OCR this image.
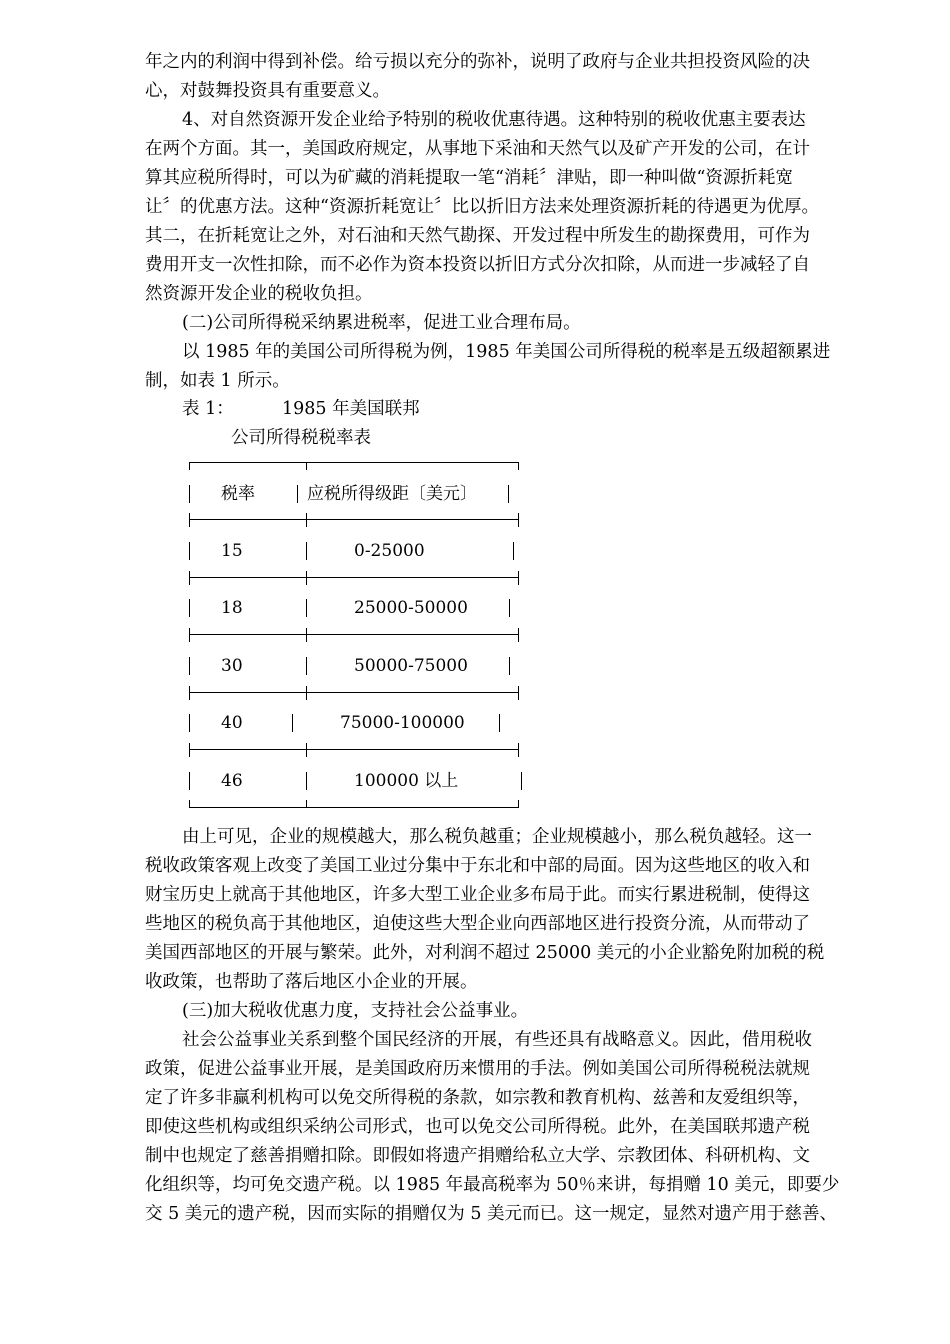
年之内的利润中得到补偿。给亏损以充分的弥补，说明了政府与企业共担投资风险的决
心，对鼓舞投资具有重要意义。
4、对自然资源开发企业给予特别的税收优惠待遇。这种特别的税收优惠主要表达
在两个方面。其一，美国政府规定，从事地下采油和天然气以及矿产开发的公司，在计
算其应税所得时，可以为矿藏的消耗提取一笔“消耗〞津贴，即一种叫做“资源折耗宽
让〞的优惠方法。这种“资源折耗宽让〞比以折旧方法来处理资源折耗的待遇更为优厚。
其二，在折耗宽让之外，对石油和天然气勘探、开发过程中所发生的勘探费用，可作为
费用开支一次性扣除，而不必作为资本投资以折旧方式分次扣除，从而进一步减轻了自
然资源开发企业的税收负担。
(二)公司所得税采纳累进税率，促进工业合理布局。
以 1985 年的美国公司所得税为例，1985 年美国公司所得税的税率是五级超额累进
制，如表 1 所示。
表 1：	1985 年美国联邦
公司所得税税率表
税率	应税所得级距〔美元〕
15	0-25000
18	25000-50000
30	50000-75000
40	75000-100000
46	100000 以上
由上可见，企业的规模越大，那么税负越重；企业规模越小，那么税负越轻。这一
税收政策客观上改变了美国工业过分集中于东北和中部的局面。因为这些地区的收入和
财宝历史上就高于其他地区，许多大型工业企业多布局于此。而实行累进税制，使得这
些地区的税负高于其他地区，迫使这些大型企业向西部地区进行投资分流，从而带动了
美国西部地区的开展与繁荣。此外，对利润不超过 25000 美元的小企业豁免附加税的税
收政策，也帮助了落后地区小企业的开展。
(三)加大税收优惠力度，支持社会公益事业。
社会公益事业关系到整个国民经济的开展，有些还具有战略意义。因此，借用税收
政策，促进公益事业开展，是美国政府历来惯用的手法。例如美国公司所得税税法就规
定了许多非赢利机构可以免交所得税的条款，如宗教和教育机构、兹善和友爱组织等，
即使这些机构或组织采纳公司形式，也可以免交公司所得税。此外，在美国联邦遗产税
制中也规定了慈善捐赠扣除。即假如将遗产捐赠给私立大学、宗教团体、科研机构、文
化组织等，均可免交遗产税。以 1985 年最高税率为 50％来讲，每捐赠 10 美元，即要少
交 5 美元的遗产税，因而实际的捐赠仅为 5 美元而已。这一规定，显然对遗产用于慈善、
